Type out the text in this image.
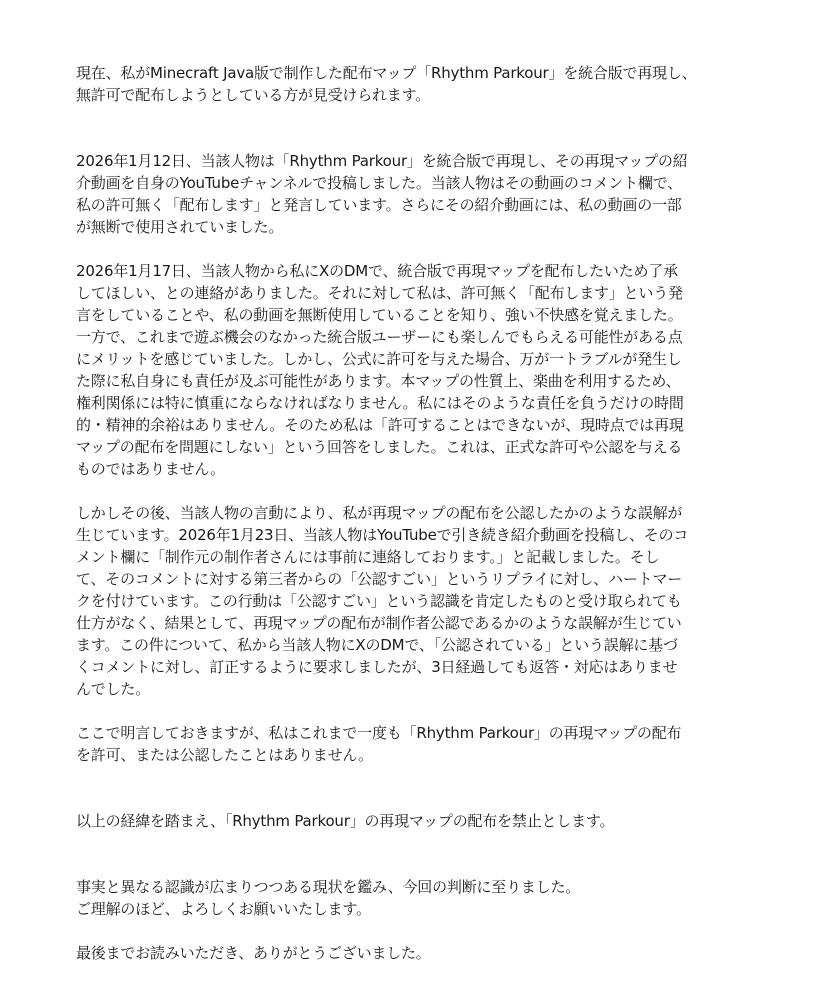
現在、私がMinecraft Java版で制作した配布マップ「Rhythm Parkour」を統合版で再現し、
無許可で配布しようとしている方が見受けられます。

2026年1月12日、当該人物は「Rhythm Parkour」を統合版で再現し、その再現マップの紹
介動画を自身のYouTubeチャンネルで投稿しました。当該人物はその動画のコメント欄で、
私の許可無く「配布します」と発言しています。さらにその紹介動画には、私の動画の一部
が無断で使用されていました。

2026年1月17日、当該人物から私にXのDMで、統合版で再現マップを配布したいため了承
してほしい、との連絡がありました。それに対して私は、許可無く「配布します」という発
言をしていることや、私の動画を無断使用していることを知り、強い不快感を覚えました。
一方で、これまで遊ぶ機会のなかった統合版ユーザーにも楽しんでもらえる可能性がある点
にメリットを感じていました。しかし、公式に許可を与えた場合、万が一トラブルが発生し
た際に私自身にも責任が及ぶ可能性があります。本マップの性質上、楽曲を利用するため、
権利関係には特に慎重にならなければなりません。私にはそのような責任を負うだけの時間
的・精神的余裕はありません。そのため私は「許可することはできないが、現時点では再現
マップの配布を問題にしない」という回答をしました。これは、正式な許可や公認を与える
ものではありません。

しかしその後、当該人物の言動により、私が再現マップの配布を公認したかのような誤解が
生じています。2026年1月23日、当該人物はYouTubeで引き続き紹介動画を投稿し、そのコ
メント欄に「制作元の制作者さんには事前に連絡しております。」と記載しました。そし
て、そのコメントに対する第三者からの「公認すごい」というリプライに対し、ハートマー
クを付けています。この行動は「公認すごい」という認識を肯定したものと受け取られても
仕方がなく、結果として、再現マップの配布が制作者公認であるかのような誤解が生じてい
ます。この件について、私から当該人物にXのDMで、「公認されている」という誤解に基づ
くコメントに対し、訂正するように要求しましたが、3日経過しても返答・対応はありませ
んでした。

ここで明言しておきますが、私はこれまで一度も「Rhythm Parkour」の再現マップの配布
を許可、または公認したことはありません。

以上の経緯を踏まえ、「Rhythm Parkour」の再現マップの配布を禁止とします。

事実と異なる認識が広まりつつある現状を鑑み、今回の判断に至りました。
ご理解のほど、よろしくお願いいたします。

最後までお読みいただき、ありがとうございました。
